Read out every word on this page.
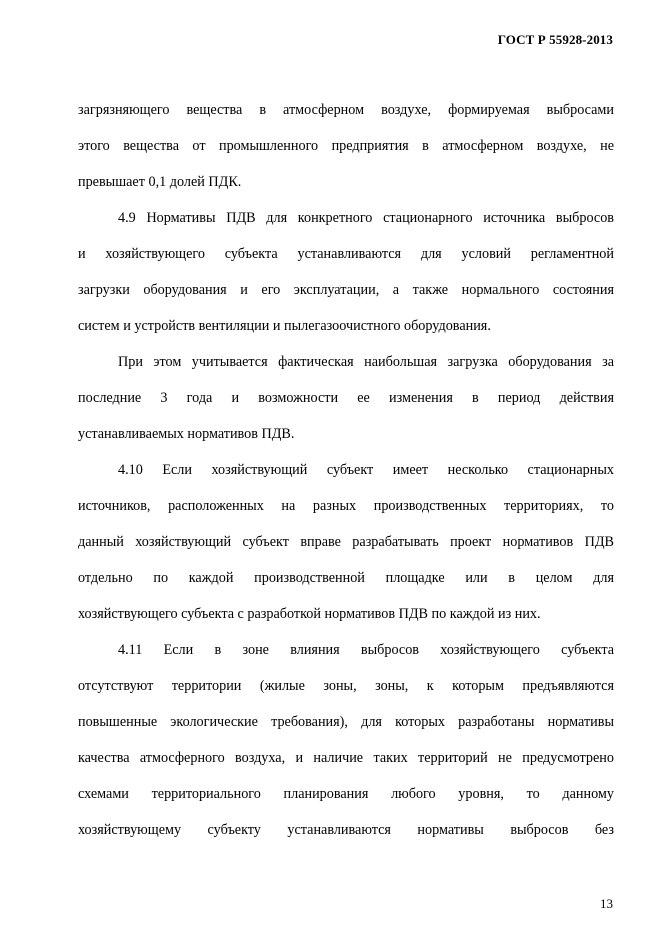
ГОСТ Р 55928-2013
загрязняющего вещества в атмосферном воздухе, формируемая выбросами
этого вещества от промышленного предприятия в атмосферном воздухе, не
превышает 0,1 долей ПДК.
4.9 Нормативы ПДВ для конкретного стационарного источника выбросов
и хозяйствующего субъекта устанавливаются для условий регламентной
загрузки оборудования и его эксплуатации, а также нормального состояния
систем и устройств вентиляции и пылегазоочистного оборудования.
При этом учитывается фактическая наибольшая загрузка оборудования за
последние 3 года и возможности ее изменения в период действия
устанавливаемых нормативов ПДВ.
4.10 Если хозяйствующий субъект имеет несколько стационарных
источников, расположенных на разных производственных территориях, то
данный хозяйствующий субъект вправе разрабатывать проект нормативов ПДВ
отдельно по каждой производственной площадке или в целом для
хозяйствующего субъекта с разработкой нормативов ПДВ по каждой из них.
4.11 Если в зоне влияния выбросов хозяйствующего субъекта
отсутствуют территории (жилые зоны, зоны, к которым предъявляются
повышенные экологические требования), для которых разработаны нормативы
качества атмосферного воздуха, и наличие таких территорий не предусмотрено
схемами территориального планирования любого уровня, то данному
хозяйствующему субъекту устанавливаются нормативы выбросов без
13
